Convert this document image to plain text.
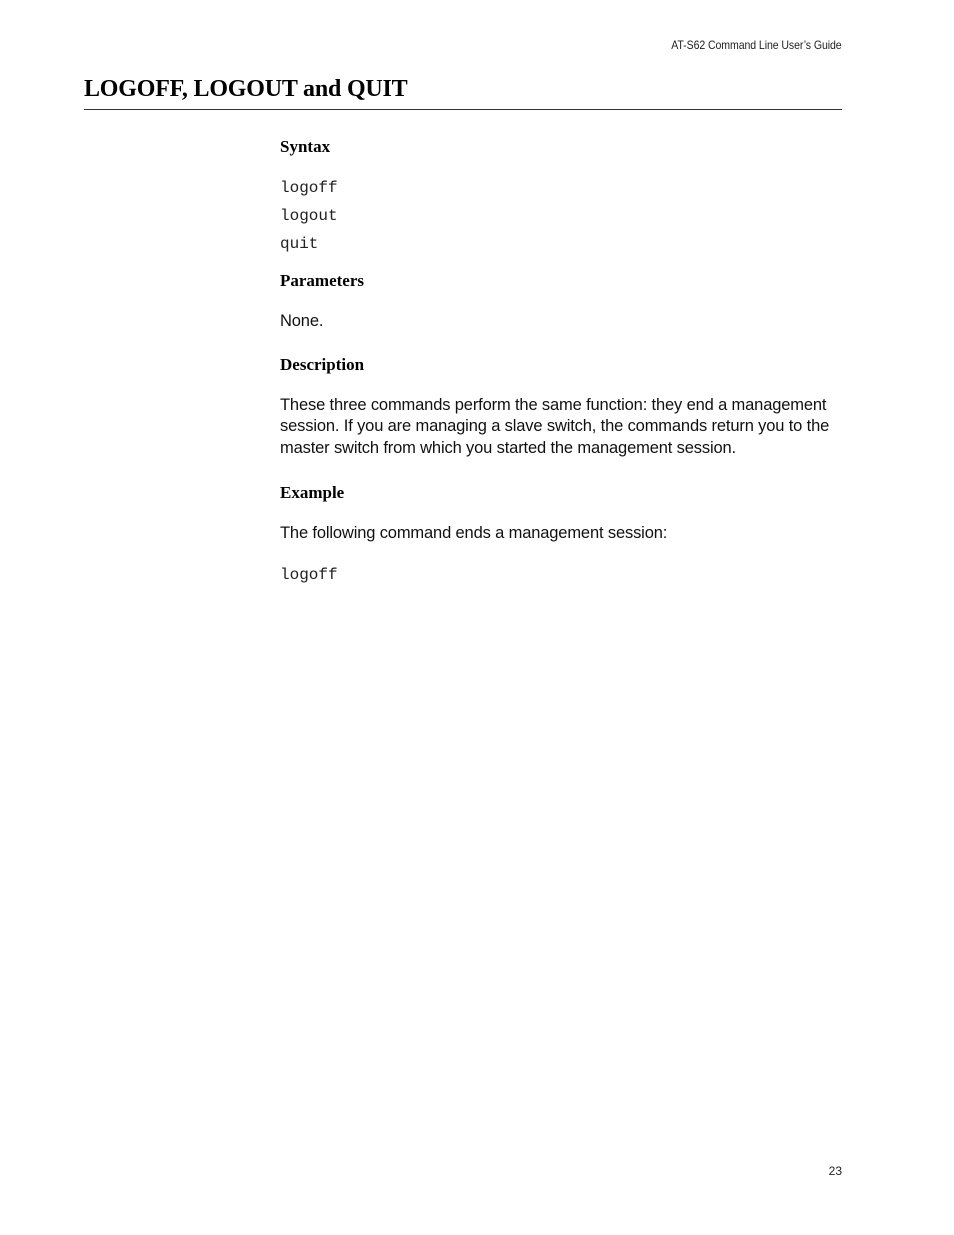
AT-S62 Command Line User’s Guide
LOGOFF, LOGOUT and QUIT
Syntax
logoff
logout
quit
Parameters

None.

Description

These three commands perform the same function: they end a management session. If you are managing a slave switch, the commands return you to the master switch from which you started the management session.

Example

The following command ends a management session:

logoff
23
